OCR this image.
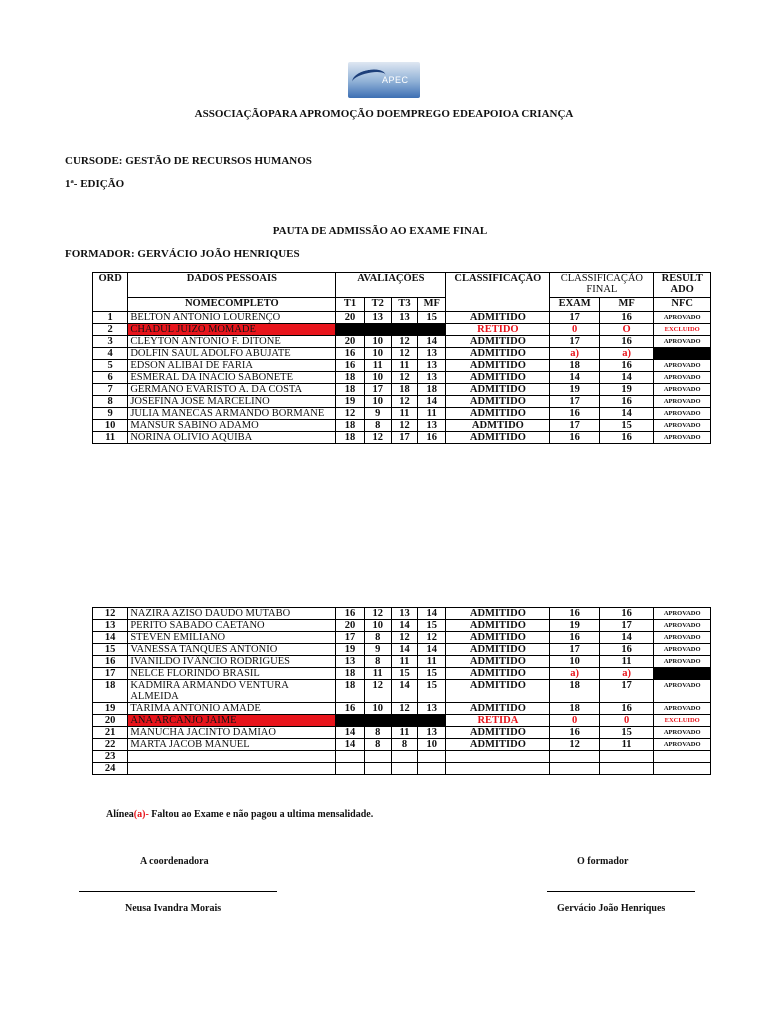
APEC
ASSOCIAÇÃOPARA APROMOÇÃO DOEMPREGO EDEAPOIOA CRIANÇA
CURSODE: GESTÃO DE RECURSOS HUMANOS
1ª- EDIÇÃO
PAUTA DE ADMISSÃO AO EXAME FINAL
FORMADOR: GERVÁCIO JOÃO HENRIQUES
ORD	DADOS PESSOAIS	AVALIAÇÕES				CLASSIFICAÇÃO	CLASSIFICAÇÃO FINAL		RESULT ADO
	NOMECOMPLETO	T1	T2	T3	MF		EXAM	MF	NFC
1	BELTON ANTÓNIO LOURENÇO	20	13	13	15	ADMITIDO	17	16	APROVADO
2	CHADUL JUIZO MOMADE					RETIDO	0	O	EXCLUIDO
3	CLEYTON ANTÓNIO F. DITONE	20	10	12	14	ADMITIDO	17	16	APROVADO
4	DOLFIN SAUL ADOLFO ABUJATE	16	10	12	13	ADMITIDO	a)	a)	
5	EDSON ALIBAI DE FARIA	16	11	11	13	ADMITIDO	18	16	APROVADO
6	ESMERAL DA INÁCIO SABONETE	18	10	12	13	ADMITIDO	14	14	APROVADO
7	GERMANO EVARISTO A. DA COSTA	18	17	18	18	ADMITIDO	19	19	APROVADO
8	JOSEFINA JOSÉ MARCELINO	19	10	12	14	ADMITIDO	17	16	APROVADO
9	JULIA MANECAS ARMANDO BORMANE	12	9	11	11	ADMITIDO	16	14	APROVADO
10	MANSUR SABINO ADAMO	18	8	12	13	ADMTIDO	17	15	APROVADO
11	NORINA OLIVIO AQUIBA	18	12	17	16	ADMITIDO	16	16	APROVADO
12	NAZIRA AZISO DAUDO MUTABO	16	12	13	14	ADMITIDO	16	16	APROVADO
13	PERITO SABADO CAETANO	20	10	14	15	ADMITIDO	19	17	APROVADO
14	STEVEN EMILIANO	17	8	12	12	ADMITIDO	16	14	APROVADO
15	VANESSA TANQUES ANTÓNIO	19	9	14	14	ADMITIDO	17	16	APROVADO
16	IVANILDO IVÂNCIO RODRIGUES	13	8	11	11	ADMITIDO	10	11	APROVADO
17	NELCE FLORINDO BRASIL	18	11	15	15	ADMITIDO	a)	a)	
18	KADMIRA ARMANDO VENTURA ALMEIDA	18	12	14	15	ADMITIDO	18	17	APROVADO
19	TARIMA ANTÓNIO AMADE	16	10	12	13	ADMITIDO	18	16	APROVADO
20	ANA ARCANJO JAIME					RETIDA	0	0	EXCLUIDO
21	MANUCHA JACINTO DAMIAO	14	8	11	13	ADMITIDO	16	15	APROVADO
22	MARTA JACOB MANUEL	14	8	8	10	ADMITIDO	12	11	APROVADO
23									
24									
Alínea(a)- Faltou ao Exame e não pagou a ultima mensalidade.
A coordenadora	O formador
Neusa Ivandra Morais	Gervácio João Henriques
